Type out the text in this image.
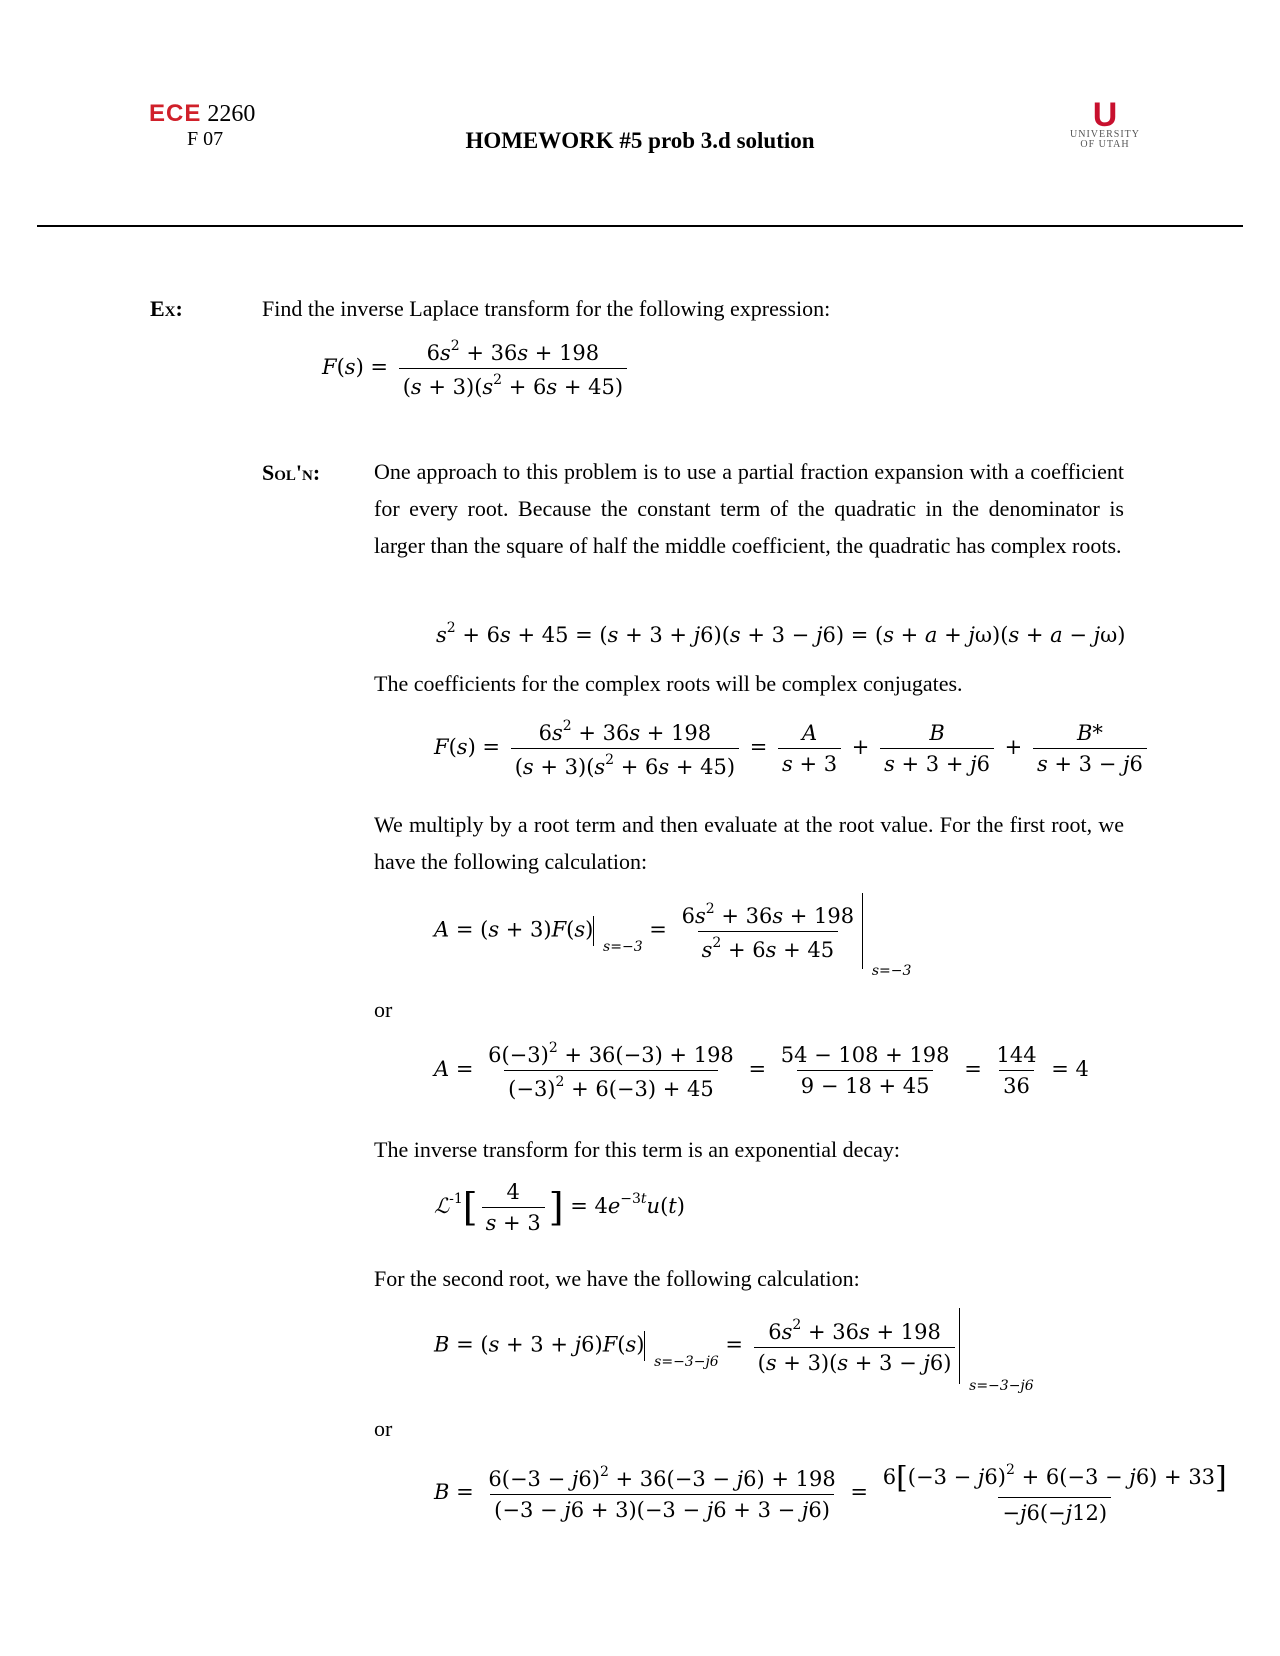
ECE 2260
F 07	HOMEWORK #5 prob 3.d solution
U
UNIVERSITY
OF UTAH
Ex:	Find the inverse Laplace transform for the following expression:
$F(s) = \frac{6s^2 + 36s + 198}{(s + 3)(s^2 + 6s + 45)}$
Sol'n: One approach to this problem is to use a partial fraction expansion with a coefficient for every root. Because the constant term of the quadratic in the denominator is larger than the square of half the middle coefficient, the quadratic has complex roots.
$s^2 + 6s + 45 = (s + 3 + j6)(s + 3 - j6) = (s + a + j\omega)(s + a - j\omega)$
The coefficients for the complex roots will be complex conjugates.
$F(s) = \frac{6s^2 + 36s + 198}{(s + 3)(s^2 + 6s + 45)} = \frac{A}{s + 3} + \frac{B}{s + 3 + j6} + \frac{B*}{s + 3 - j6}$
We multiply by a root term and then evaluate at the root value. For the first root, we have the following calculation:
A = (s + 3)F(s) $_{s=-3} = \frac{6s^2 + 36s + 198}{s^2 + 6s + 45}$
$_{s=-3}$
or
$A = \frac{6(-3)^2 + 36(-3) + 198}{(-3)^2 + 6(-3) + 45} = \frac{54 - 108 + 198}{9 - 18 + 45} = \frac{144}{36} = 4$
The inverse transform for this term is an exponential decay:
ℒ$^{-1}$[ $\frac{4}{s + 3}$ ] = $4e^{-3t}u(t)$
For the second root, we have the following calculation:
B = (s + 3 + j6)F(s) $_{s=-3-j6} = \frac{6s^2 + 36s + 198}{(s + 3)(s + 3 - j6)}$
$_{s=-3-j6}$
or
$B = \frac{6(-3 - j6)^2 + 36(-3 - j6) + 198}{(-3 - j6 + 3)(-3 - j6 + 3 - j6)} = \frac{6[(-3 - j6)^2 + 6(-3 - j6) + 33]}{-j6(-j12)}$
